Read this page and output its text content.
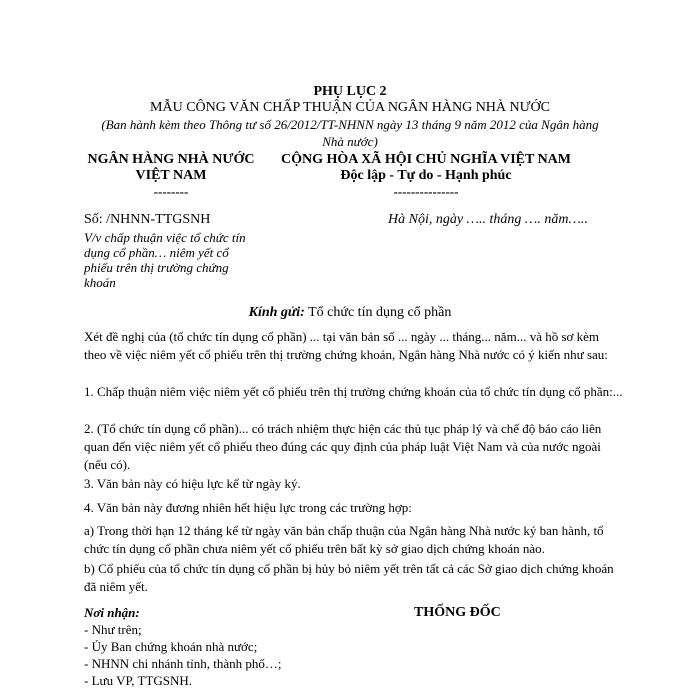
PHỤ LỤC 2
MẪU CÔNG VĂN CHẤP THUẬN CỦA NGÂN HÀNG NHÀ NƯỚC
(Ban hành kèm theo Thông tư số 26/2012/TT-NHNN ngày 13 tháng 9 năm 2012 của Ngân hàng
Nhà nước)
NGÂN HÀNG NHÀ NƯỚC
VIỆT NAM
--------
CỘNG HÒA XÃ HỘI CHỦ NGHĨA VIỆT NAM
Độc lập - Tự do - Hạnh phúc
---------------
Số: /NHNN-TTGSNH
V/v chấp thuận việc tổ chức tín
dụng cổ phần… niêm yết cổ
phiếu trên thị trường chứng
khoán
Hà Nội, ngày ….. tháng …. năm…..
Kính gửi: Tổ chức tín dụng cổ phần
Xét đề nghị của (tổ chức tín dụng cổ phần) ... tại văn bản số ... ngày ... tháng... năm... và hồ sơ kèm theo về việc niêm yết cổ phiếu trên thị trường chứng khoán, Ngân hàng Nhà nước có ý kiến như sau:
1. Chấp thuận niêm việc niêm yết cổ phiếu trên thị trường chứng khoán của tổ chức tín dụng cổ phần:...
2. (Tổ chức tín dụng cổ phần)... có trách nhiệm thực hiện các thủ tục pháp lý và chế độ báo cáo liên quan đến việc niêm yết cổ phiếu theo đúng các quy định của pháp luật Việt Nam và của nước ngoài (nếu có).
3. Văn bản này có hiệu lực kể từ ngày ký.
4. Văn bản này đương nhiên hết hiệu lực trong các trường hợp:
a) Trong thời hạn 12 tháng kể từ ngày văn bản chấp thuận của Ngân hàng Nhà nước ký ban hành, tổ chức tín dụng cổ phần chưa niêm yết cổ phiếu trên bất kỳ sở giao dịch chứng khoán nào.
b) Cổ phiếu của tổ chức tín dụng cổ phần bị hủy bỏ niêm yết trên tất cả các Sở giao dịch chứng khoán đã niêm yết.
Nơi nhận:
- Như trên;
- Ủy Ban chứng khoán nhà nước;
- NHNN chi nhánh tỉnh, thành phố…;
- Lưu VP, TTGSNH.
THỐNG ĐỐC
